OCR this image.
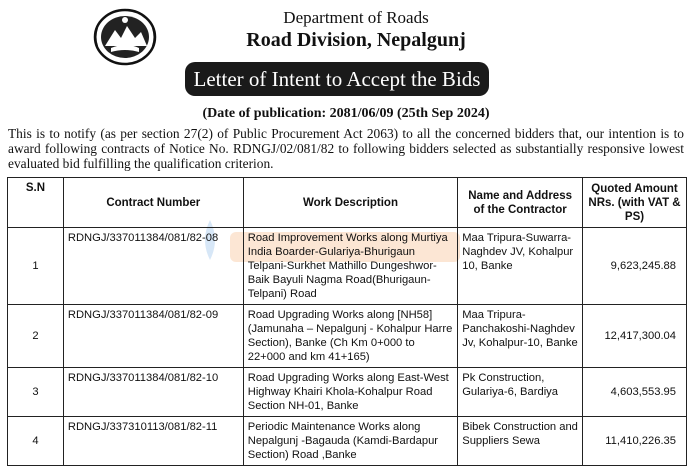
Department of Roads
Road Division, Nepalgunj
Letter of Intent to Accept the Bids
(Date of publication: 2081/06/09 (25th Sep 2024)
This is to notify (as per section 27(2) of Public Procurement Act 2063) to all the concerned bidders that, our intention is to award following contracts of Notice No. RDNGJ/02/081/82 to following bidders selected as substantially responsive lowest evaluated bid fulfilling the qualification criterion.
S.N	Contract Number	Work Description	Name and Address of the Contractor	Quoted Amount NRs. (with VAT & PS)
1	RDNGJ/337011384/081/82-08	Road Improvement Works along Murtiya India Boarder-Gulariya-Bhurigaun Telpani-Surkhet Mathillo Dungeshwor-Baik Bayuli Nagma Road(Bhurigaun-Telpani) Road	Maa Tripura-Suwarra-Naghdev JV, Kohalpur 10, Banke	9,623,245.88
2	RDNGJ/337011384/081/82-09	Road Upgrading Works along [NH58] (Jamunaha – Nepalgunj - Kohalpur Harre Section), Banke (Ch Km 0+000 to 22+000 and km 41+165)	Maa Tripura-Panchakoshi-Naghdev Jv, Kohalpur-10, Banke	12,417,300.04
3	RDNGJ/337011384/081/82-10	Road Upgrading Works along East-West Highway Khairi Khola-Kohalpur Road Section NH-01, Banke	Pk Construction, Gulariya-6, Bardiya	4,603,553.95
4	RDNGJ/337310113/081/82-11	Periodic Maintenance Works along Nepalgunj -Bagauda (Kamdi-Bardapur Section) Road ,Banke	Bibek Construction and Suppliers Sewa	11,410,226.35
